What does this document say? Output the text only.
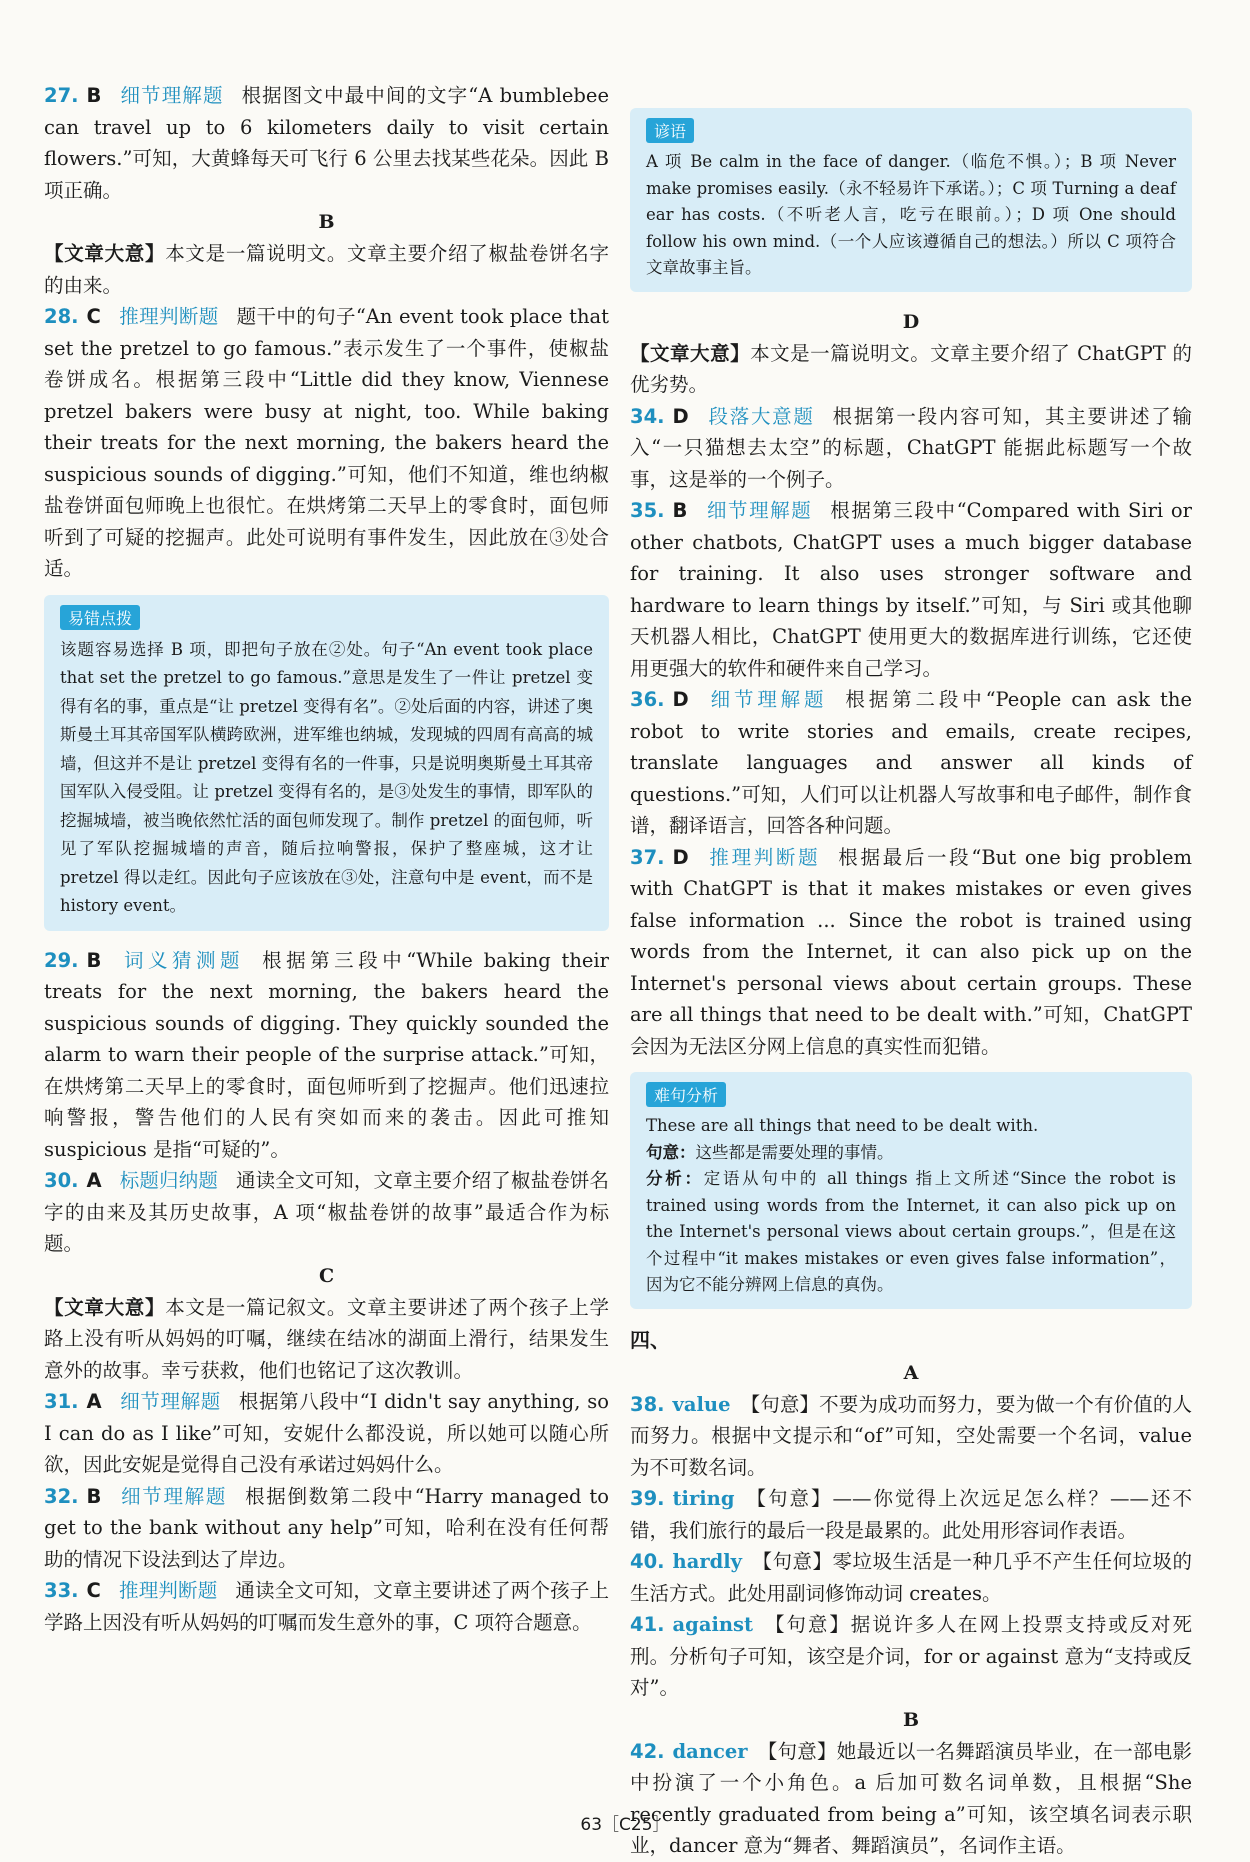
27. B 细节理解题 根据图文中最中间的文字“A bumblebee can travel up to 6 kilometers daily to visit certain flowers.”可知，大黄蜂每天可飞行 6 公里去找某些花朵。因此 B 项正确。

B

【文章大意】本文是一篇说明文。文章主要介绍了椒盐卷饼名字的由来。

28. C 推理判断题 题干中的句子“An event took place that set the pretzel to go famous.”表示发生了一个事件，使椒盐卷饼成名。根据第三段中“Little did they know, Viennese pretzel bakers were busy at night, too. While baking their treats for the next morning, the bakers heard the suspicious sounds of digging.”可知，他们不知道，维也纳椒盐卷饼面包师晚上也很忙。在烘烤第二天早上的零食时，面包师听到了可疑的挖掘声。此处可说明有事件发生，因此放在③处合适。

易错点拨

该题容易选择 B 项，即把句子放在②处。句子“An event took place that set the pretzel to go famous.”意思是发生了一件让 pretzel 变得有名的事，重点是“让 pretzel 变得有名”。②处后面的内容，讲述了奥斯曼土耳其帝国军队横跨欧洲，进军维也纳城，发现城的四周有高高的城墙，但这并不是让 pretzel 变得有名的一件事，只是说明奥斯曼土耳其帝国军队入侵受阻。让 pretzel 变得有名的，是③处发生的事情，即军队的挖掘城墙，被当晚依然忙活的面包师发现了。制作 pretzel 的面包师，听见了军队挖掘城墙的声音，随后拉响警报，保护了整座城，这才让 pretzel 得以走红。因此句子应该放在③处，注意句中是 event，而不是 history event。

29. B 词义猜测题 根据第三段中“While baking their treats for the next morning, the bakers heard the suspicious sounds of digging. They quickly sounded the alarm to warn their people of the surprise attack.”可知，在烘烤第二天早上的零食时，面包师听到了挖掘声。他们迅速拉响警报，警告他们的人民有突如而来的袭击。因此可推知 suspicious 是指“可疑的”。

30. A 标题归纳题 通读全文可知，文章主要介绍了椒盐卷饼名字的由来及其历史故事，A 项“椒盐卷饼的故事”最适合作为标题。

C

【文章大意】本文是一篇记叙文。文章主要讲述了两个孩子上学路上没有听从妈妈的叮嘱，继续在结冰的湖面上滑行，结果发生意外的故事。幸亏获救，他们也铭记了这次教训。

31. A 细节理解题 根据第八段中“I didn't say anything, so I can do as I like”可知，安妮什么都没说，所以她可以随心所欲，因此安妮是觉得自己没有承诺过妈妈什么。

32. B 细节理解题 根据倒数第二段中“Harry managed to get to the bank without any help”可知，哈利在没有任何帮助的情况下设法到达了岸边。

33. C 推理判断题 通读全文可知，文章主要讲述了两个孩子上学路上因没有听从妈妈的叮嘱而发生意外的事，C 项符合题意。

谚语

A 项 Be calm in the face of danger.（临危不惧。）；B 项 Never make promises easily.（永不轻易许下承诺。）；C 项 Turning a deaf ear has costs.（不听老人言，吃亏在眼前。）；D 项 One should follow his own mind.（一个人应该遵循自己的想法。）所以 C 项符合文章故事主旨。

D

【文章大意】本文是一篇说明文。文章主要介绍了 ChatGPT 的优劣势。

34. D 段落大意题 根据第一段内容可知，其主要讲述了输入“一只猫想去太空”的标题，ChatGPT 能据此标题写一个故事，这是举的一个例子。

35. B 细节理解题 根据第三段中“Compared with Siri or other chatbots, ChatGPT uses a much bigger database for training. It also uses stronger software and hardware to learn things by itself.”可知，与 Siri 或其他聊天机器人相比，ChatGPT 使用更大的数据库进行训练，它还使用更强大的软件和硬件来自己学习。

36. D 细节理解题 根据第二段中“People can ask the robot to write stories and emails, create recipes, translate languages and answer all kinds of questions.”可知，人们可以让机器人写故事和电子邮件，制作食谱，翻译语言，回答各种问题。

37. D 推理判断题 根据最后一段“But one big problem with ChatGPT is that it makes mistakes or even gives false information ... Since the robot is trained using words from the Internet, it can also pick up on the Internet's personal views about certain groups. These are all things that need to be dealt with.”可知，ChatGPT 会因为无法区分网上信息的真实性而犯错。

难句分析

These are all things that need to be dealt with.

句意：这些都是需要处理的事情。

分析：定语从句中的 all things 指上文所述“Since the robot is trained using words from the Internet, it can also pick up on the Internet's personal views about certain groups.”，但是在这个过程中“it makes mistakes or even gives false information”，因为它不能分辨网上信息的真伪。

四、

A

38. value 【句意】不要为成功而努力，要为做一个有价值的人而努力。根据中文提示和“of”可知，空处需要一个名词，value 为不可数名词。

39. tiring 【句意】——你觉得上次远足怎么样？——还不错，我们旅行的最后一段是最累的。此处用形容词作表语。

40. hardly 【句意】零垃圾生活是一种几乎不产生任何垃圾的生活方式。此处用副词修饰动词 creates。

41. against 【句意】据说许多人在网上投票支持或反对死刑。分析句子可知，该空是介词，for or against 意为“支持或反对”。

B

42. dancer 【句意】她最近以一名舞蹈演员毕业，在一部电影中扮演了一个小角色。a 后加可数名词单数，且根据“She recently graduated from being a”可知，该空填名词表示职业，dancer 意为“舞者、舞蹈演员”，名词作主语。

63［C25］
